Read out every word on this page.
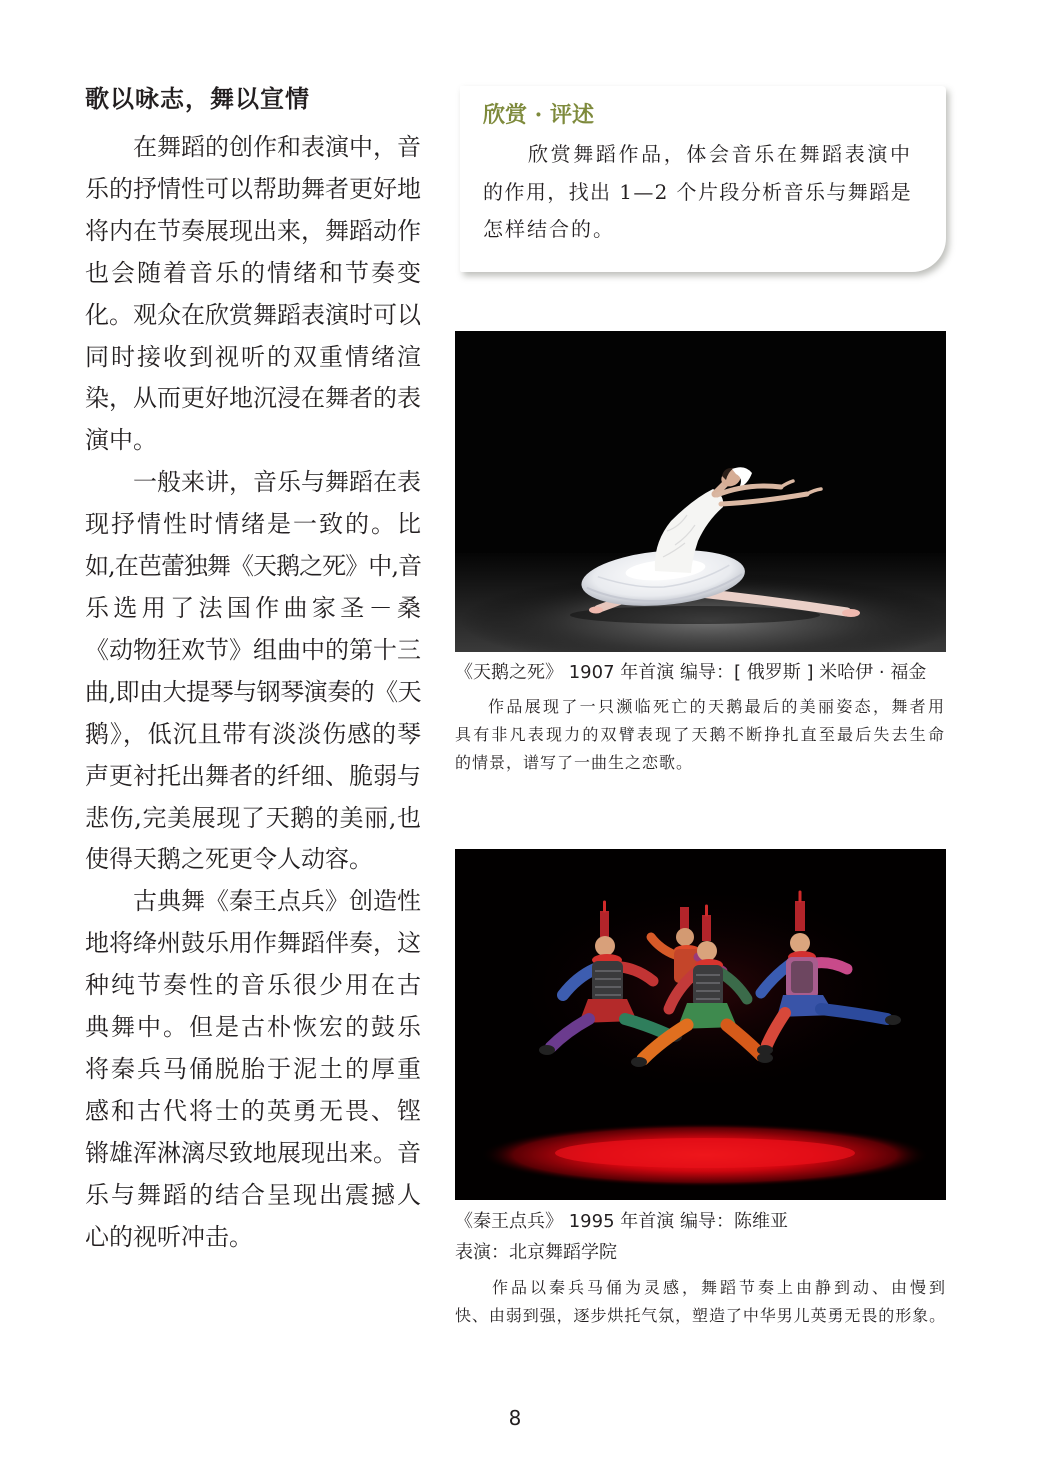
歌以咏志，舞以宣情
在舞蹈的创作和表演中，音
乐的抒情性可以帮助舞者更好地
将内在节奏展现出来，舞蹈动作
也会随着音乐的情绪和节奏变
化。观众在欣赏舞蹈表演时可以
同时接收到视听的双重情绪渲
染，从而更好地沉浸在舞者的表
演中。
一般来讲，音乐与舞蹈在表
现抒情性时情绪是一致的。比
如,在芭蕾独舞《天鹅之死》中,音
乐选用了法国作曲家圣－桑
《动物狂欢节》组曲中的第十三
曲,即由大提琴与钢琴演奏的《天
鹅》，低沉且带有淡淡伤感的琴
声更衬托出舞者的纤细、脆弱与
悲伤,完美展现了天鹅的美丽,也
使得天鹅之死更令人动容。
古典舞《秦王点兵》创造性
地将绛州鼓乐用作舞蹈伴奏，这
种纯节奏性的音乐很少用在古
典舞中。但是古朴恢宏的鼓乐
将秦兵马俑脱胎于泥土的厚重
感和古代将士的英勇无畏、铿
锵雄浑淋漓尽致地展现出来。音
乐与舞蹈的结合呈现出震撼人
心的视听冲击。
欣赏 · 评述
欣赏舞蹈作品，体会音乐在舞蹈表演中
的作用，找出 1—2 个片段分析音乐与舞蹈是
怎样结合的。
《天鹅之死》 1907 年首演 编导：[ 俄罗斯 ] 米哈伊 · 福金
作品展现了一只濒临死亡的天鹅最后的美丽姿态，舞者用
具有非凡表现力的双臂表现了天鹅不断挣扎直至最后失去生命
的情景，谱写了一曲生之恋歌。
《秦王点兵》 1995 年首演 编导：陈维亚
表演：北京舞蹈学院
作品以秦兵马俑为灵感，舞蹈节奏上由静到动、由慢到
快、由弱到强，逐步烘托气氛，塑造了中华男儿英勇无畏的形象。
8
